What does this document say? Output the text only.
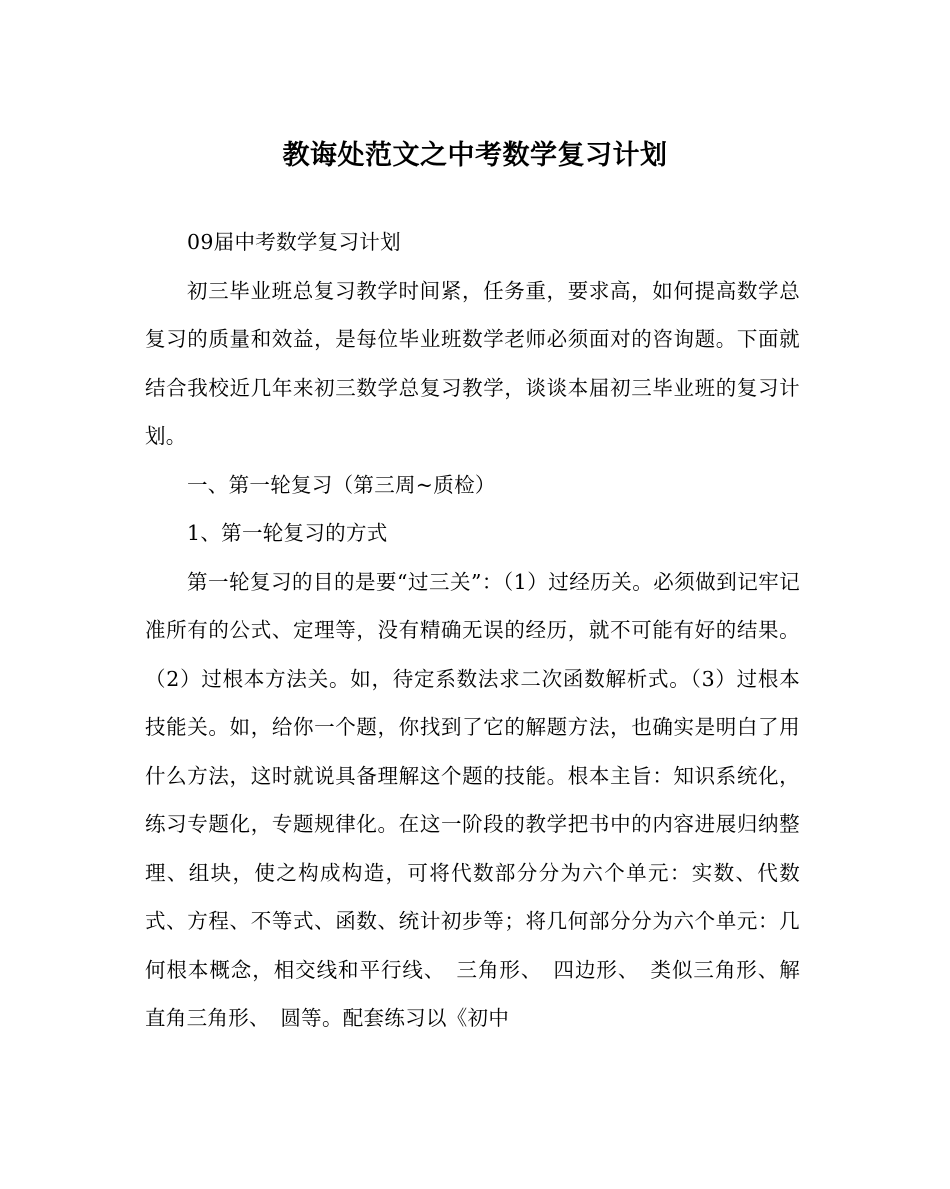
教诲处范文之中考数学复习计划

09届中考数学复习计划

初三毕业班总复习教学时间紧，任务重，要求高，如何提高数学总复习的质量和效益，是每位毕业班数学老师必须面对的咨询题。下面就结合我校近几年来初三数学总复习教学，谈谈本届初三毕业班的复习计划。

一、第一轮复习（第三周~质检）

1、第一轮复习的方式

第一轮复习的目的是要“过三关”：（1）过经历关。必须做到记牢记准所有的公式、定理等，没有精确无误的经历，就不可能有好的结果。（2）过根本方法关。如，待定系数法求二次函数解析式。（3）过根本技能关。如，给你一个题，你找到了它的解题方法，也确实是明白了用什么方法，这时就说具备理解这个题的技能。根本主旨：知识系统化，练习专题化，专题规律化。在这一阶段的教学把书中的内容进展归纳整理、组块，使之构成构造，可将代数部分分为六个单元：实数、代数式、方程、不等式、函数、统计初步等；将几何部分分为六个单元：几何根本概念，相交线和平行线、　三角形、　四边形、　类似三角形、解直角三角形、　圆等。配套练习以《初中
